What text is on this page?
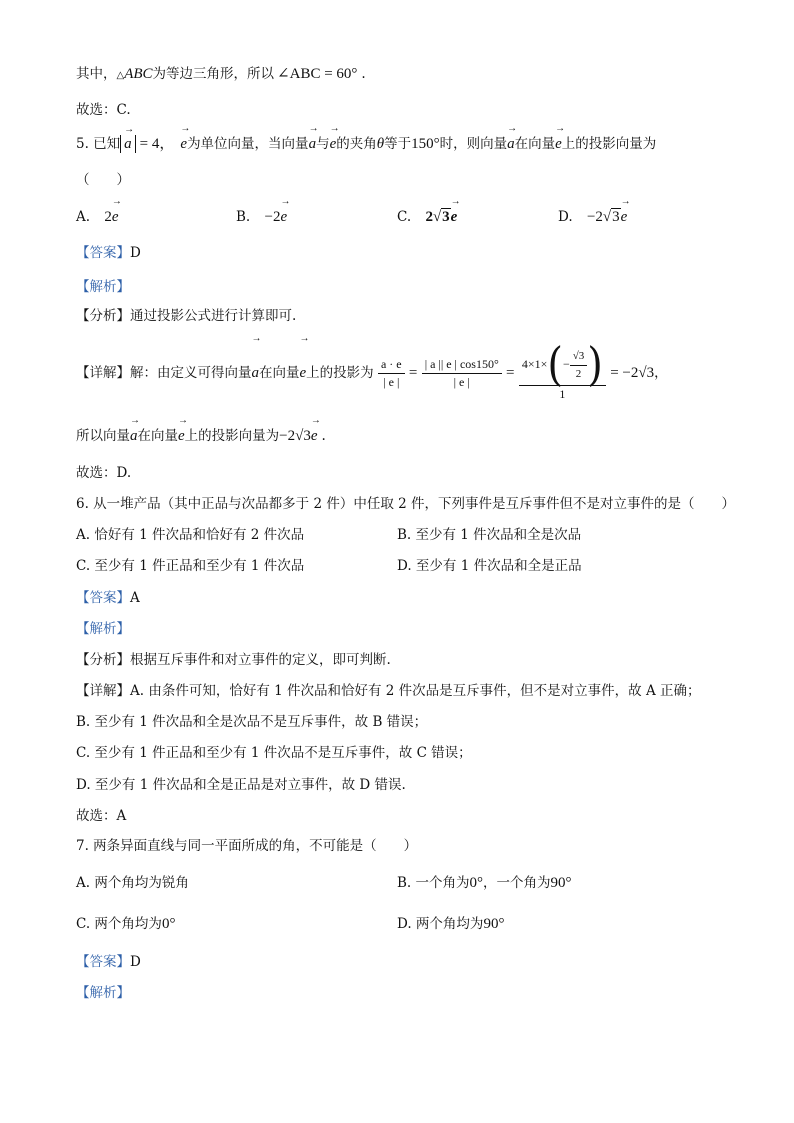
其中，△ABC为等边三角形，所以 ∠ABC = 60° .
故选：C.
5. 已知 → a = 4， → e为单位向量，当向量→ a与→ e的夹角θ等于150°时，则向量→ a在向量→ e上的投影向量为
（　　）
A. 2→ e	B. −2→ e	C. 2√3→ e	D. −2√3→ e
【答案】D
【解析】
【分析】通过投影公式进行计算即可.
【详解】解：由定义可得向量→ a在向量→ e上的投影为 $\frac{a \cdot e}{| e |} = \frac{| a || e | \cos 150^\circ}{| e |} = \frac{4\times 1\times(- \frac{√3}{2} )}{1} = -2√3$，
所以向量→ a在向量→ e上的投影向量为−2√3→ e .
故选：D.
6. 从一堆产品（其中正品与次品都多于 2 件）中任取 2 件，下列事件是互斥事件但不是对立事件的是（　　）
A. 恰好有 1 件次品和恰好有 2 件次品	B. 至少有 1 件次品和全是次品
C. 至少有 1 件正品和至少有 1 件次品	D. 至少有 1 件次品和全是正品
【答案】A
【解析】
【分析】根据互斥事件和对立事件的定义，即可判断.
【详解】A. 由条件可知，恰好有 1 件次品和恰好有 2 件次品是互斥事件，但不是对立事件，故 A 正确；
B. 至少有 1 件次品和全是次品不是互斥事件，故 B 错误；
C. 至少有 1 件正品和至少有 1 件次品不是互斥事件，故 C 错误；
D. 至少有 1 件次品和全是正品是对立事件，故 D 错误.
故选：A
7. 两条异面直线与同一平面所成的角，不可能是（　　）
A. 两个角均为锐角	B. 一个角为0°，一个角为90°
C. 两个角均为0°	D. 两个角均为90°
【答案】D
【解析】
